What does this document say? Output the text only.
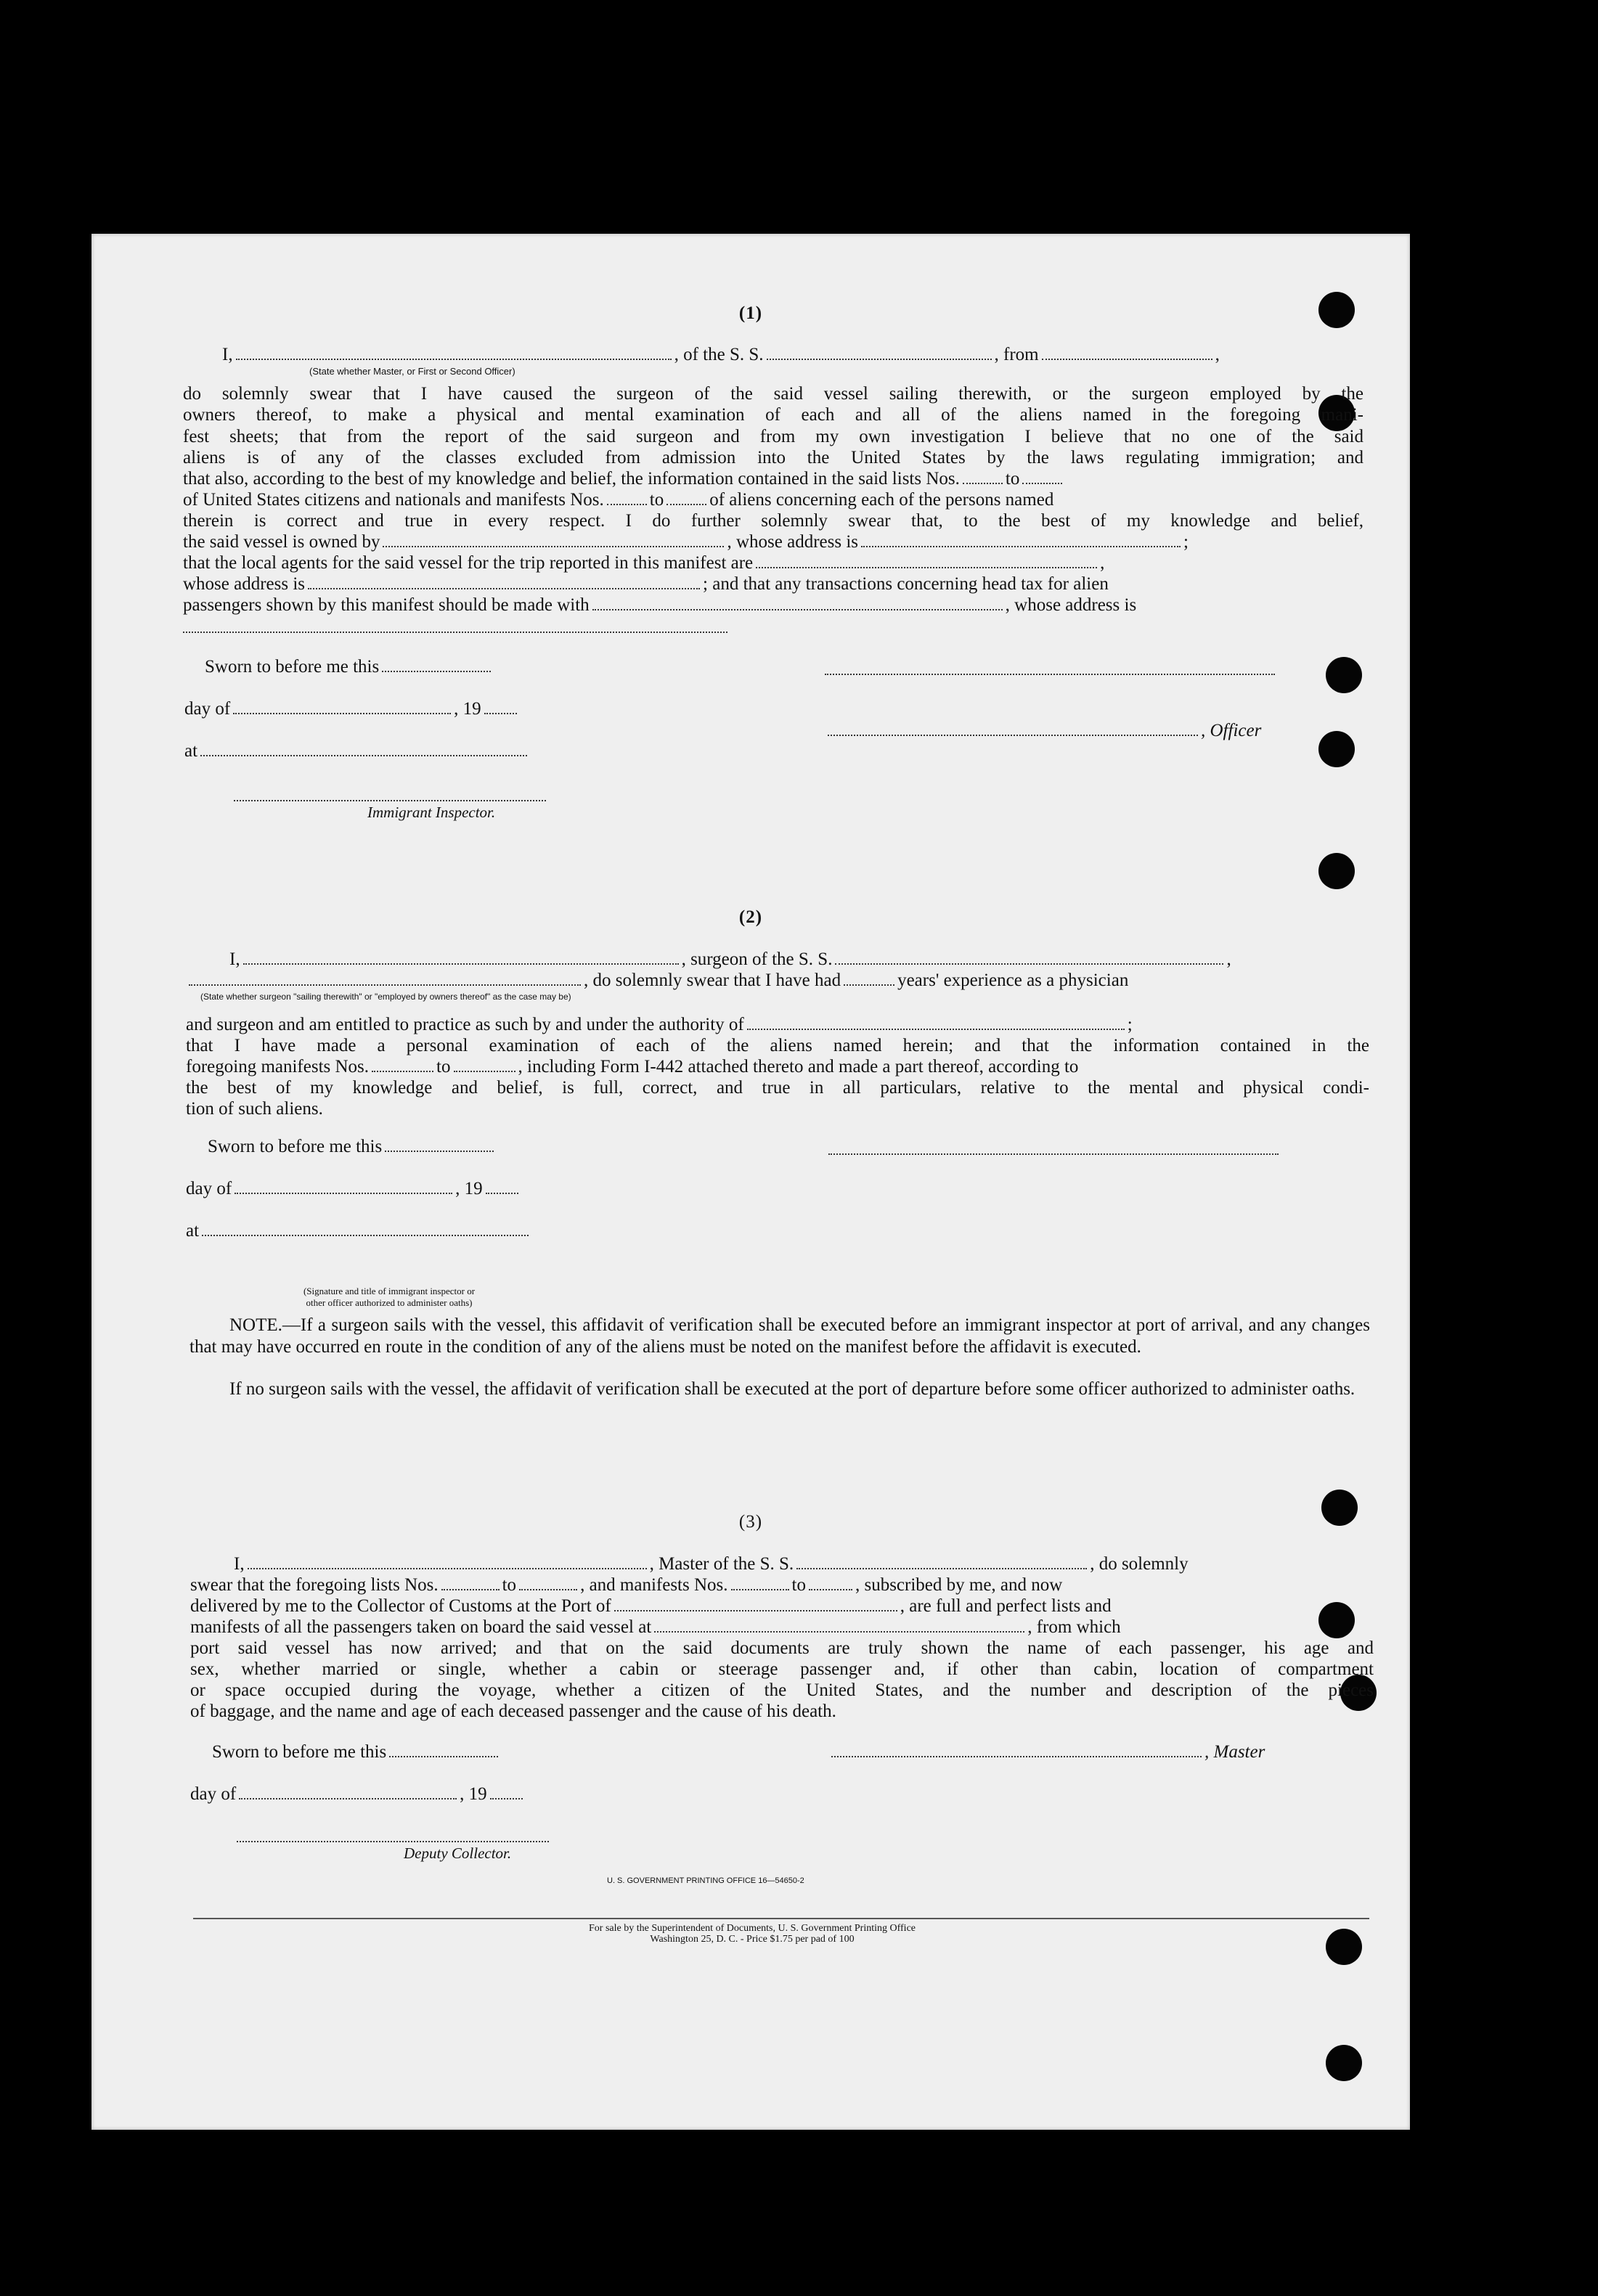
(1)
I,	, of the S. S.	, from	,
(State whether Master, or First or Second Officer)
do solemnly swear that I have caused the surgeon of the said vessel sailing therewith, or the surgeon employed by the
owners thereof, to make a physical and mental examination of each and all of the aliens named in the foregoing mani-
fest sheets; that from the report of the said surgeon and from my own investigation I believe that no one of the said
aliens is of any of the classes excluded from admission into the United States by the laws regulating immigration; and
that also, according to the best of my knowledge and belief, the information contained in the said lists Nos.	to
of United States citizens and nationals and manifests Nos.	to	of aliens concerning each of the persons named
therein is correct and true in every respect. I do further solemnly swear that, to the best of my knowledge and belief,
the said vessel is owned by	, whose address is	;
that the local agents for the said vessel for the trip reported in this manifest are	,
whose address is	; and that any transactions concerning head tax for alien
passengers shown by this manifest should be made with	, whose address is
Sworn to before me this
day of	, 19
, Officer
at
Immigrant Inspector.
(2)
I,	, surgeon of the S. S.	,
, do solemnly swear that I have had	years' experience as a physician
(State whether surgeon "sailing therewith" or "employed by owners thereof" as the case may be)
and surgeon and am entitled to practice as such by and under the authority of	;
that I have made a personal examination of each of the aliens named herein; and that the information contained in the
foregoing manifests Nos.	to	, including Form I-442 attached thereto and made a part thereof, according to
the best of my knowledge and belief, is full, correct, and true in all particulars, relative to the mental and physical condi-
tion of such aliens.
Sworn to before me this
day of	, 19
at
(Signature and title of immigrant inspector or
other officer authorized to administer oaths)
NOTE.—If a surgeon sails with the vessel, this affidavit of verification shall be executed before an immigrant inspector at port of arrival, and any changes that may have occurred en route in the condition of any of the aliens must be noted on the manifest before the affidavit is executed.
If no surgeon sails with the vessel, the affidavit of verification shall be executed at the port of departure before some officer authorized to administer oaths.
(3)
I,	, Master of the S. S.	, do solemnly
swear that the foregoing lists Nos.	to	, and manifests Nos.	to	, subscribed by me, and now
delivered by me to the Collector of Customs at the Port of	, are full and perfect lists and
manifests of all the passengers taken on board the said vessel at	, from which
port said vessel has now arrived; and that on the said documents are truly shown the name of each passenger, his age and
sex, whether married or single, whether a cabin or steerage passenger and, if other than cabin, location of compartment
or space occupied during the voyage, whether a citizen of the United States, and the number and description of the pieces
of baggage, and the name and age of each deceased passenger and the cause of his death.
Sworn to before me this	, Master
day of	, 19
Deputy Collector.
U. S. GOVERNMENT PRINTING OFFICE 16—54650-2
For sale by the Superintendent of Documents, U. S. Government Printing Office
Washington 25, D. C. - Price $1.75 per pad of 100
